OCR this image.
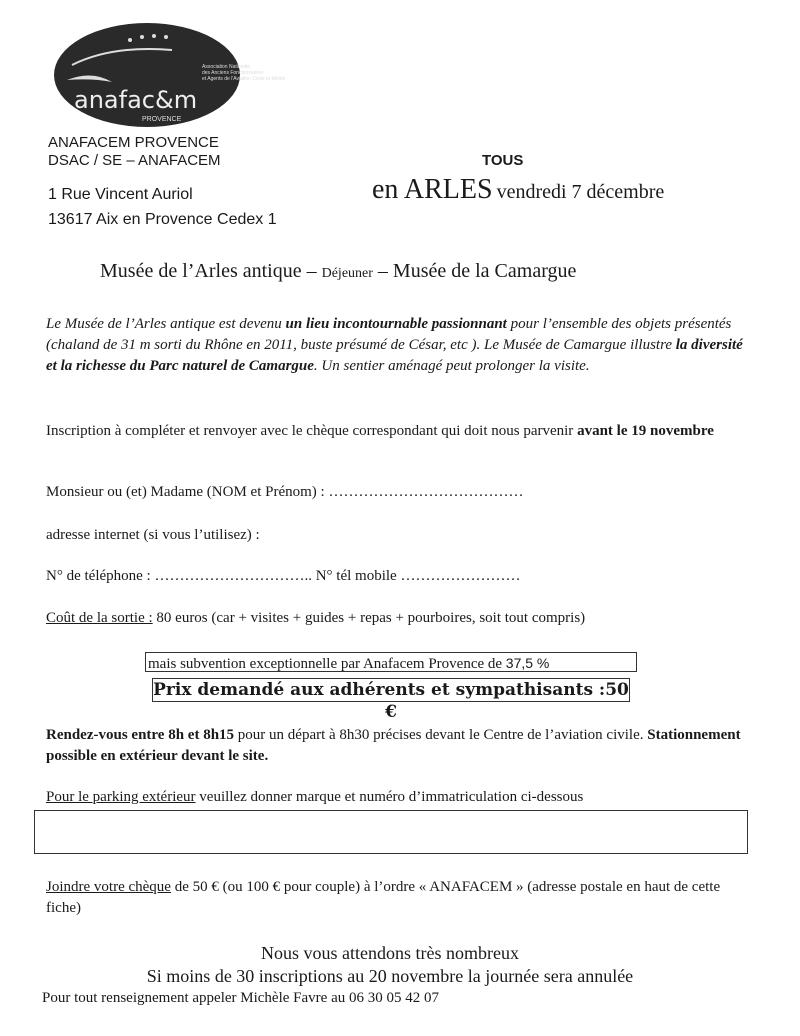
Association Nationale
des Anciens Fonctionnaires
et Agents de l'Aviation Civile et Météo
anafac&m
PROVENCE
ANAFACEM PROVENCE
DSAC / SE – ANAFACEM
1 Rue Vincent Auriol
13617 Aix en Provence Cedex 1
TOUS
en ARLES vendredi 7 décembre
Musée de l’Arles antique – Déjeuner – Musée de la Camargue
Le Musée de l’Arles antique est devenu un lieu incontournable passionnant pour l’ensemble des objets présentés (chaland de 31 m sorti du Rhône en 2011, buste présumé de César, etc ). Le Musée de Camargue illustre la diversité et la richesse du Parc naturel de Camargue. Un sentier aménagé peut prolonger la visite.
Inscription à compléter et renvoyer avec le chèque correspondant qui doit nous parvenir avant le 19 novembre
Monsieur ou (et) Madame (NOM et Prénom) : …………………………………
adresse internet (si vous l’utilisez) :
N° de téléphone : ………………………….. N° tél mobile ……………………
Coût de la sortie : 80 euros (car + visites + guides + repas + pourboires, soit tout compris)
mais subvention exceptionnelle par Anafacem Provence de 37,5 %
Prix demandé aux adhérents et sympathisants :50 €
Rendez-vous entre 8h et 8h15 pour un départ à 8h30 précises devant le Centre de l’aviation civile. Stationnement possible en extérieur devant le site.
Pour le parking extérieur veuillez donner marque et numéro d’immatriculation ci-dessous
Joindre votre chèque de 50 € (ou 100 € pour couple) à l’ordre « ANAFACEM » (adresse postale en haut de cette fiche)
Nous vous attendons très nombreux
Si moins de 30 inscriptions au 20 novembre la journée sera annulée
Pour tout renseignement appeler Michèle Favre au 06 30 05 42 07
